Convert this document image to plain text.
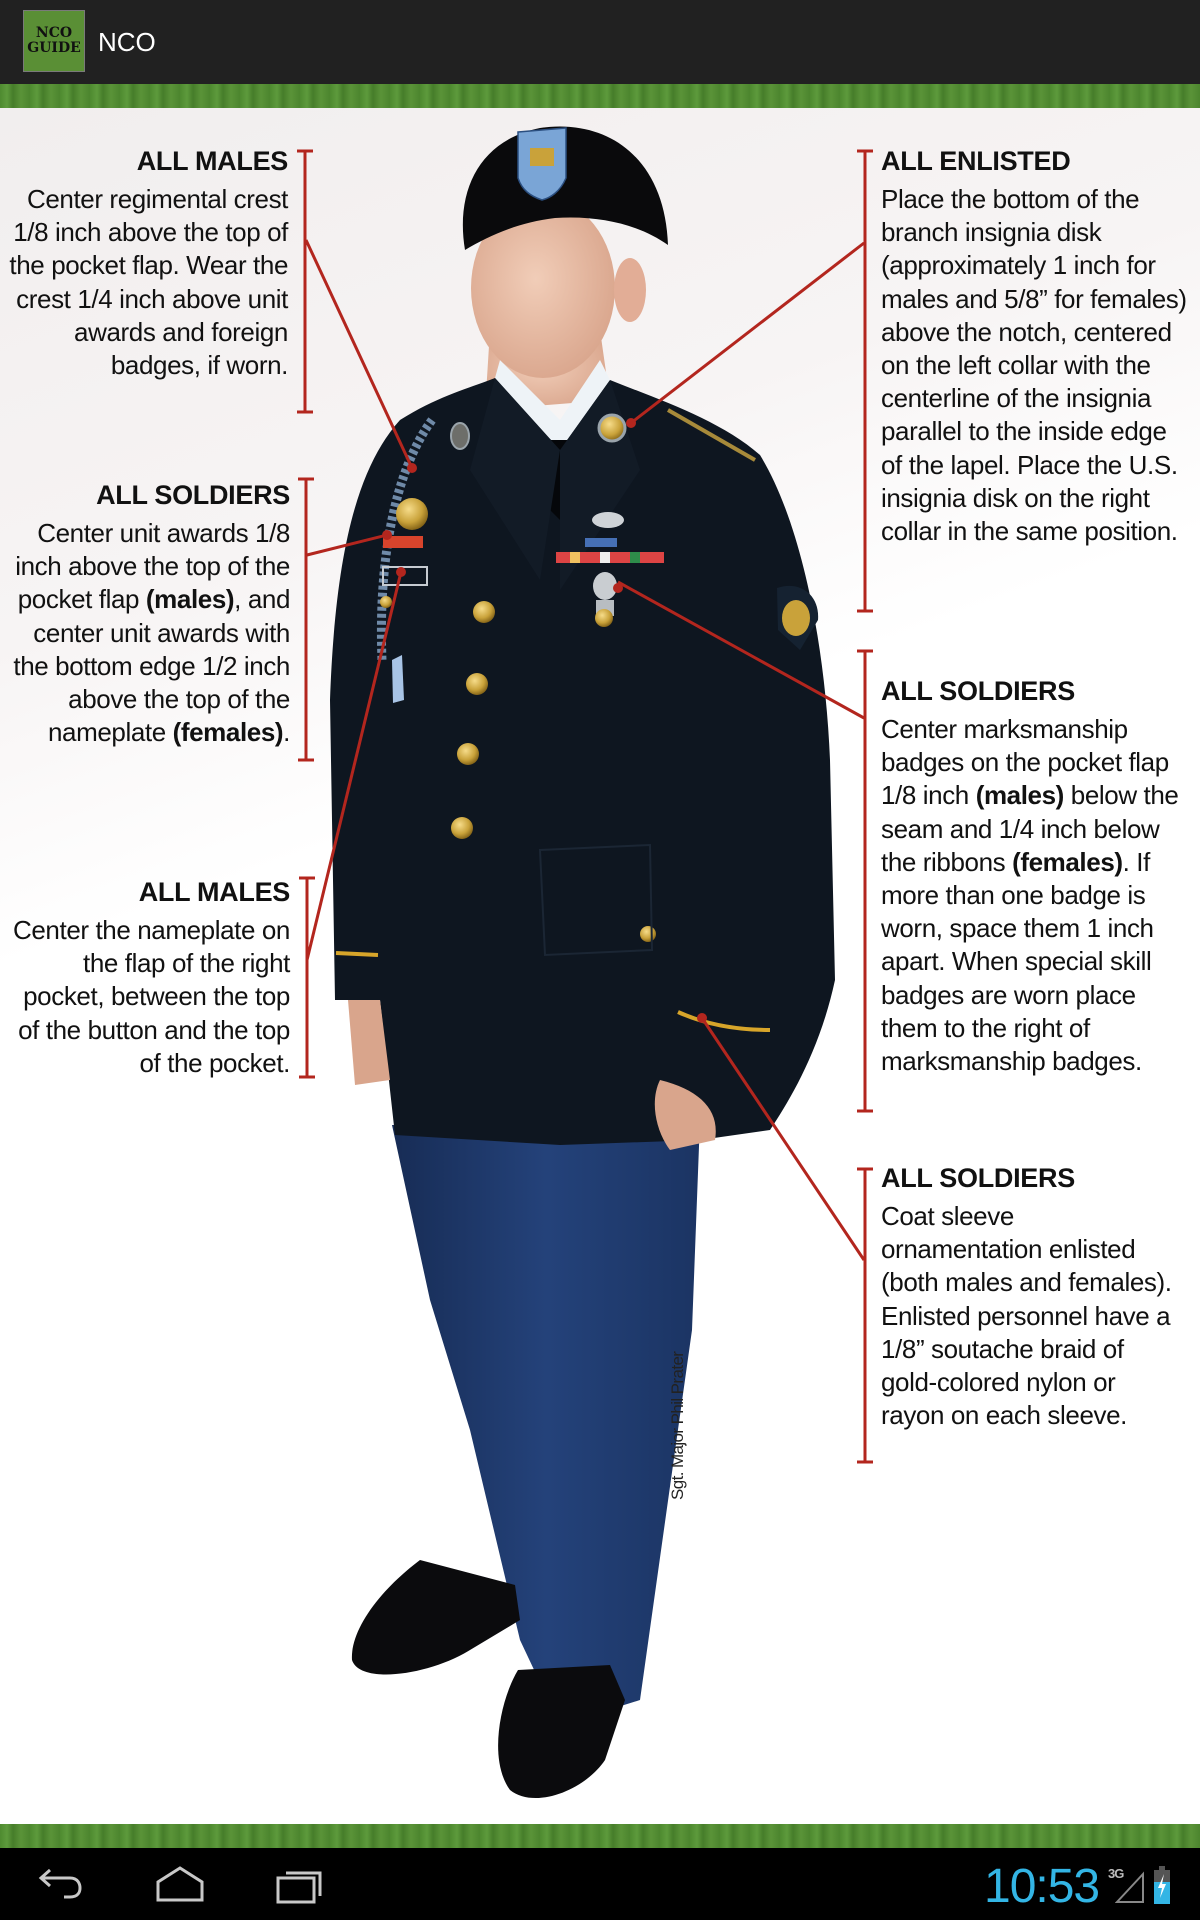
NCO
GUIDE NCO
ALL MALES

Center regimental crest 1/8 inch above the top of the pocket flap. Wear the crest 1/4 inch above unit awards and foreign badges, if worn.

ALL SOLDIERS

Center unit awards 1/8 inch above the top of the pocket flap (males), and center unit awards with the bottom edge 1/2 inch above the top of the nameplate (females).

ALL MALES

Center the nameplate on the flap of the right pocket, between the top of the button and the top of the pocket.

ALL ENLISTED

Place the bottom of the branch insignia disk (approximately 1 inch for males and 5/8” for females) above the notch, centered on the left collar with the centerline of the insignia parallel to the inside edge of the lapel. Place the U.S. insignia disk on the right collar in the same position.

ALL SOLDIERS

Center marksmanship badges on the pocket flap 1/8 inch (males) below the seam and 1/4 inch below the ribbons (females). If more than one badge is worn, space them 1 inch apart. When special skill badges are worn place them to the right of marksmanship badges.

ALL SOLDIERS

Coat sleeve ornamentation enlisted (both males and females). Enlisted personnel have a 1/8” soutache braid of gold-colored nylon or rayon on each sleeve.

Sgt. Major Phil Prater
10:53 3G
